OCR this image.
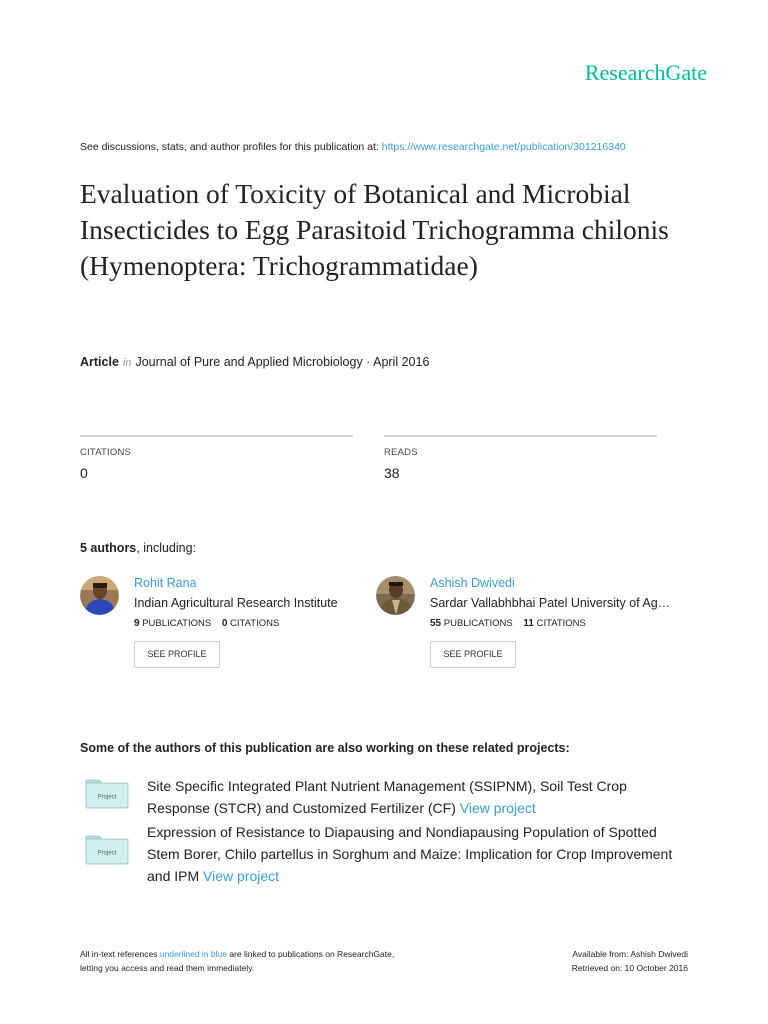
ResearchGate
See discussions, stats, and author profiles for this publication at: https://www.researchgate.net/publication/301216340
Evaluation of Toxicity of Botanical and Microbial Insecticides to Egg Parasitoid Trichogramma chilonis (Hymenoptera: Trichogrammatidae)
Article in Journal of Pure and Applied Microbiology · April 2016
CITATIONS
0
READS
38
5 authors, including:
Rohit Rana
Indian Agricultural Research Institute
9 PUBLICATIONS 0 CITATIONS
SEE PROFILE
Ashish Dwivedi
Sardar Vallabhbhai Patel University of Ag…
55 PUBLICATIONS 11 CITATIONS
SEE PROFILE
Some of the authors of this publication are also working on these related projects:
Project
Site Specific Integrated Plant Nutrient Management (SSIPNM), Soil Test Crop Response (STCR) and Customized Fertilizer (CF) View project
Project
Expression of Resistance to Diapausing and Nondiapausing Population of Spotted Stem Borer, Chilo partellus in Sorghum and Maize: Implication for Crop Improvement and IPM View project
All in-text references underlined in blue are linked to publications on ResearchGate,
letting you access and read them immediately.
Available from: Ashish Dwivedi
Retrieved on: 10 October 2016
